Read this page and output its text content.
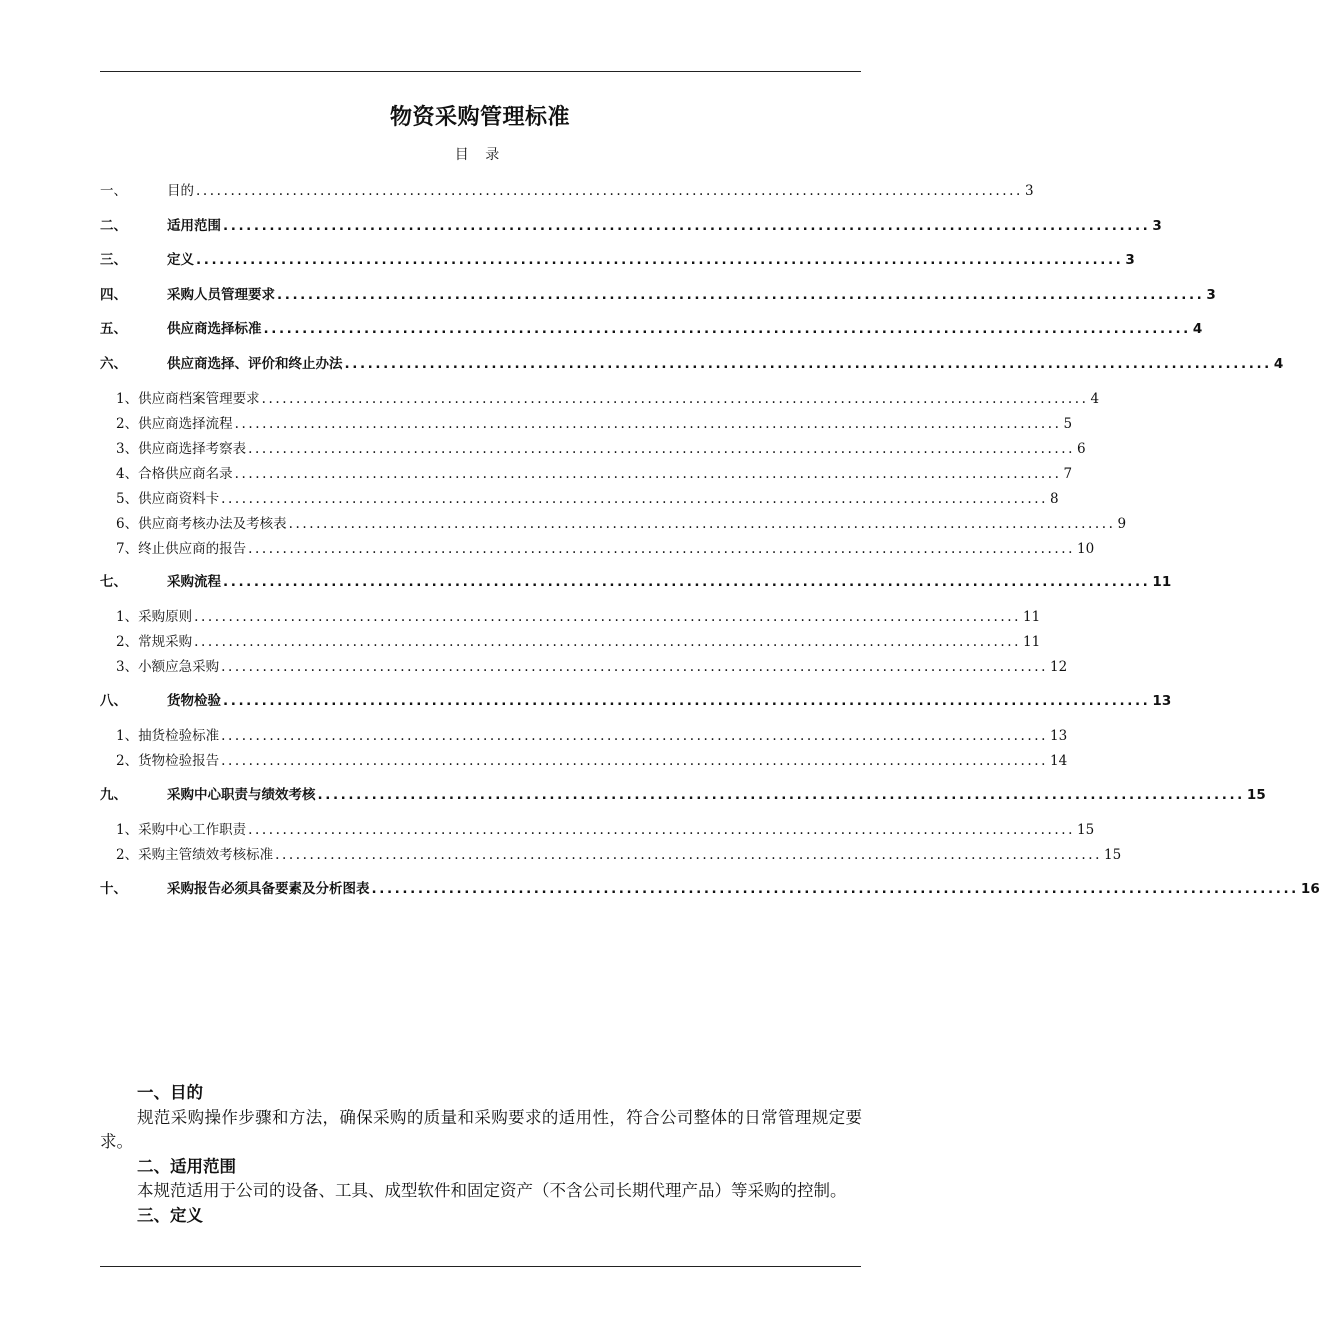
物资采购管理标准
目 录
一、	目的 ........................................................................................................................ 3
二、	适用范围 ........................................................................................................................ 3
三、	定义 ........................................................................................................................ 3
四、	采购人员管理要求 ........................................................................................................................ 3
五、	供应商选择标准 ........................................................................................................................ 4
六、	供应商选择、评价和终止办法 ........................................................................................................................ 4
1、供应商档案管理要求 ........................................................................................................................ 4
2、供应商选择流程 ........................................................................................................................ 5
3、供应商选择考察表 ........................................................................................................................ 6
4、合格供应商名录 ........................................................................................................................ 7
5、供应商资料卡 ........................................................................................................................ 8
6、供应商考核办法及考核表 ........................................................................................................................ 9
7、终止供应商的报告 ........................................................................................................................ 10
七、	采购流程 ........................................................................................................................ 11
1、采购原则 ........................................................................................................................ 11
2、常规采购 ........................................................................................................................ 11
3、小额应急采购 ........................................................................................................................ 12
八、	货物检验 ........................................................................................................................ 13
1、抽货检验标准 ........................................................................................................................ 13
2、货物检验报告 ........................................................................................................................ 14
九、	采购中心职责与绩效考核 ........................................................................................................................ 15
1、采购中心工作职责 ........................................................................................................................ 15
2、采购主管绩效考核标准 ........................................................................................................................ 15
十、	采购报告必须具备要素及分析图表 ........................................................................................................................ 16
一、目的
规范采购操作步骤和方法，确保采购的质量和采购要求的适用性，符合公司整体的日常管理规定要求。
二、适用范围
本规范适用于公司的设备、工具、成型软件和固定资产（不含公司长期代理产品）等采购的控制。
三、定义
